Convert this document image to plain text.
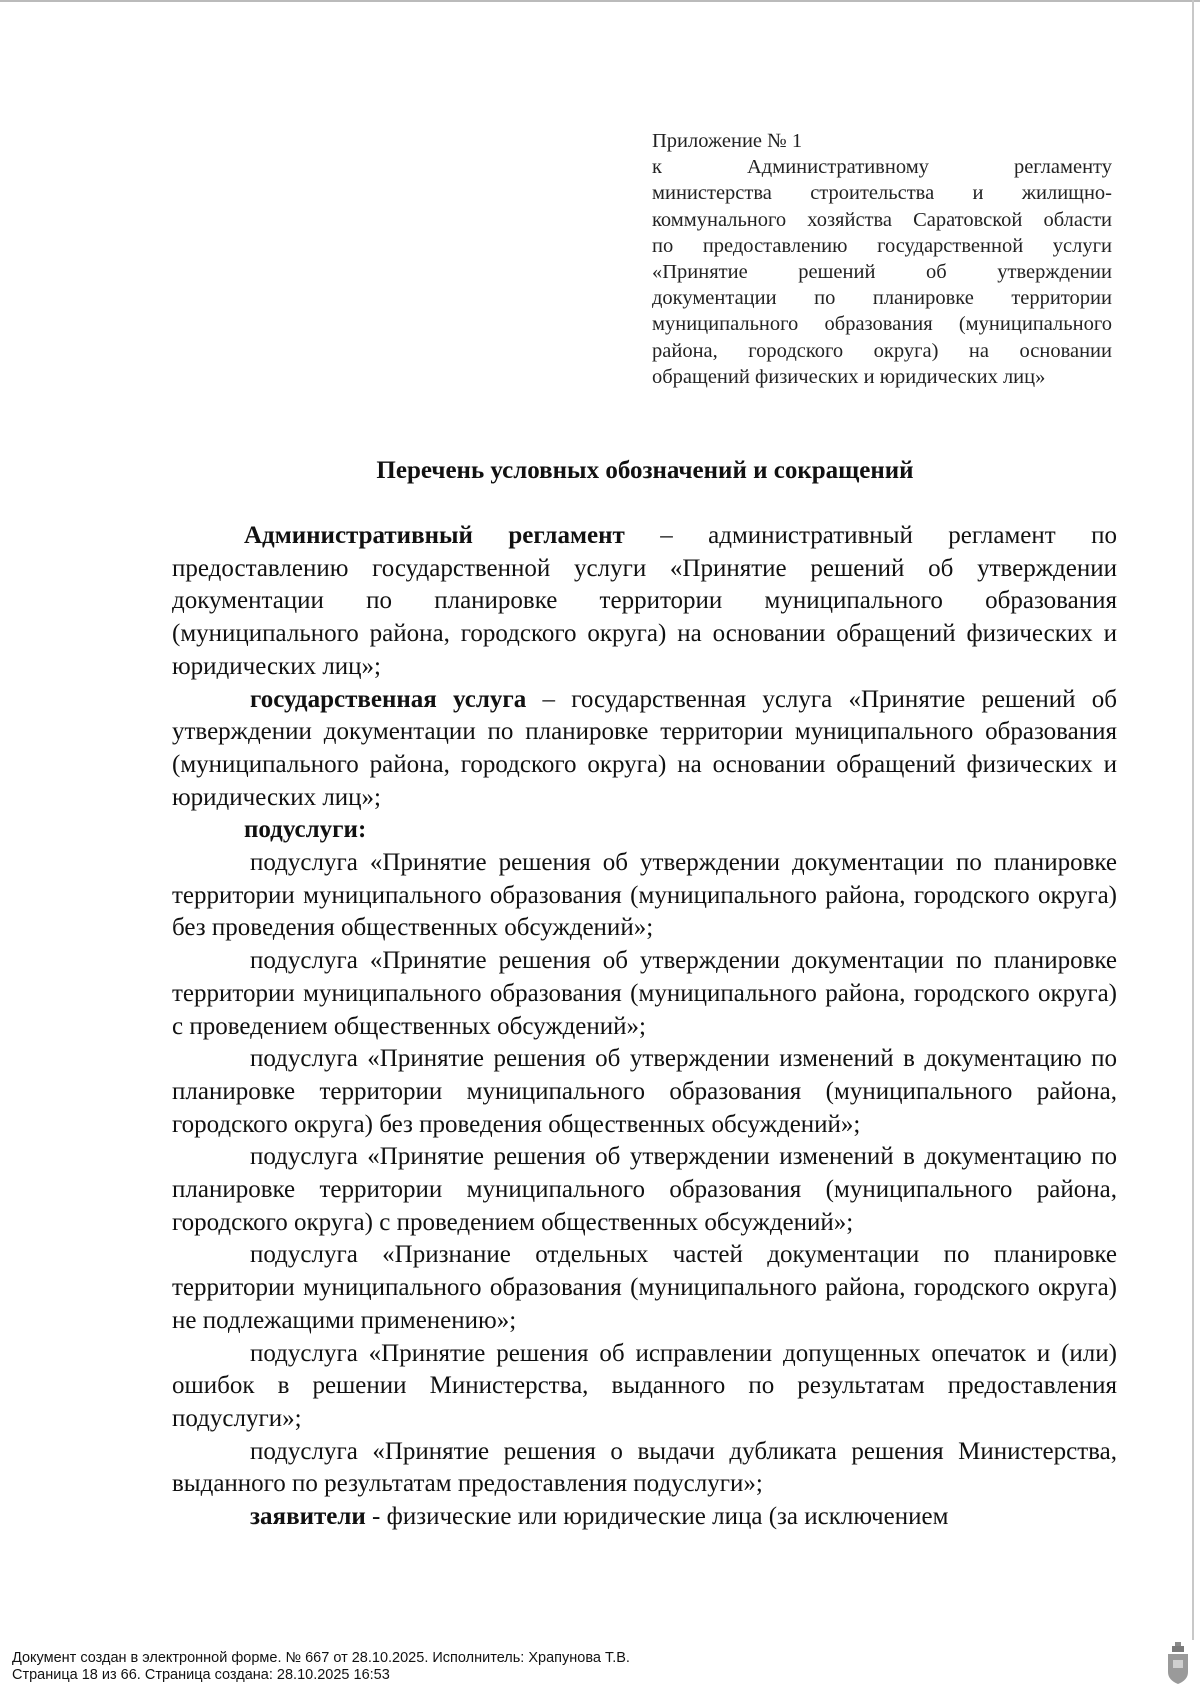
Приложение № 1
к Административному регламенту
министерства строительства и жилищно-
коммунального хозяйства Саратовской области
по предоставлению государственной услуги
«Принятие решений об утверждении
документации по планировке территории
муниципального образования (муниципального
района, городского округа) на основании
обращений физических и юридических лиц»
Перечень условных обозначений и сокращений

Административный регламент – административный регламент по предоставлению государственной услуги «Принятие решений об утверждении документации по планировке территории муниципального образования (муниципального района, городского округа) на основании обращений физических и юридических лиц»;

государственная услуга – государственная услуга «Принятие решений об утверждении документации по планировке территории муниципального образования (муниципального района, городского округа) на основании обращений физических и юридических лиц»;

подуслуги:

подуслуга «Принятие решения об утверждении документации по планировке территории муниципального образования (муниципального района, городского округа) без проведения общественных обсуждений»;

подуслуга «Принятие решения об утверждении документации по планировке территории муниципального образования (муниципального района, городского округа) с проведением общественных обсуждений»;

подуслуга «Принятие решения об утверждении изменений в документацию по планировке территории муниципального образования (муниципального района, городского округа) без проведения общественных обсуждений»;

подуслуга «Принятие решения об утверждении изменений в документацию по планировке территории муниципального образования (муниципального района, городского округа) с проведением общественных обсуждений»;

подуслуга «Признание отдельных частей документации по планировке территории муниципального образования (муниципального района, городского округа) не подлежащими применению»;

подуслуга «Принятие решения об исправлении допущенных опечаток и (или) ошибок в решении Министерства, выданного по результатам предоставления подуслуги»;

подуслуга «Принятие решения о выдачи дубликата решения Министерства, выданного по результатам предоставления подуслуги»;

заявители - физические или юридические лица (за исключением

Документ создан в электронной форме. № 667 от 28.10.2025. Исполнитель: Храпунова Т.В.
Страница 18 из 66. Страница создана: 28.10.2025 16:53
